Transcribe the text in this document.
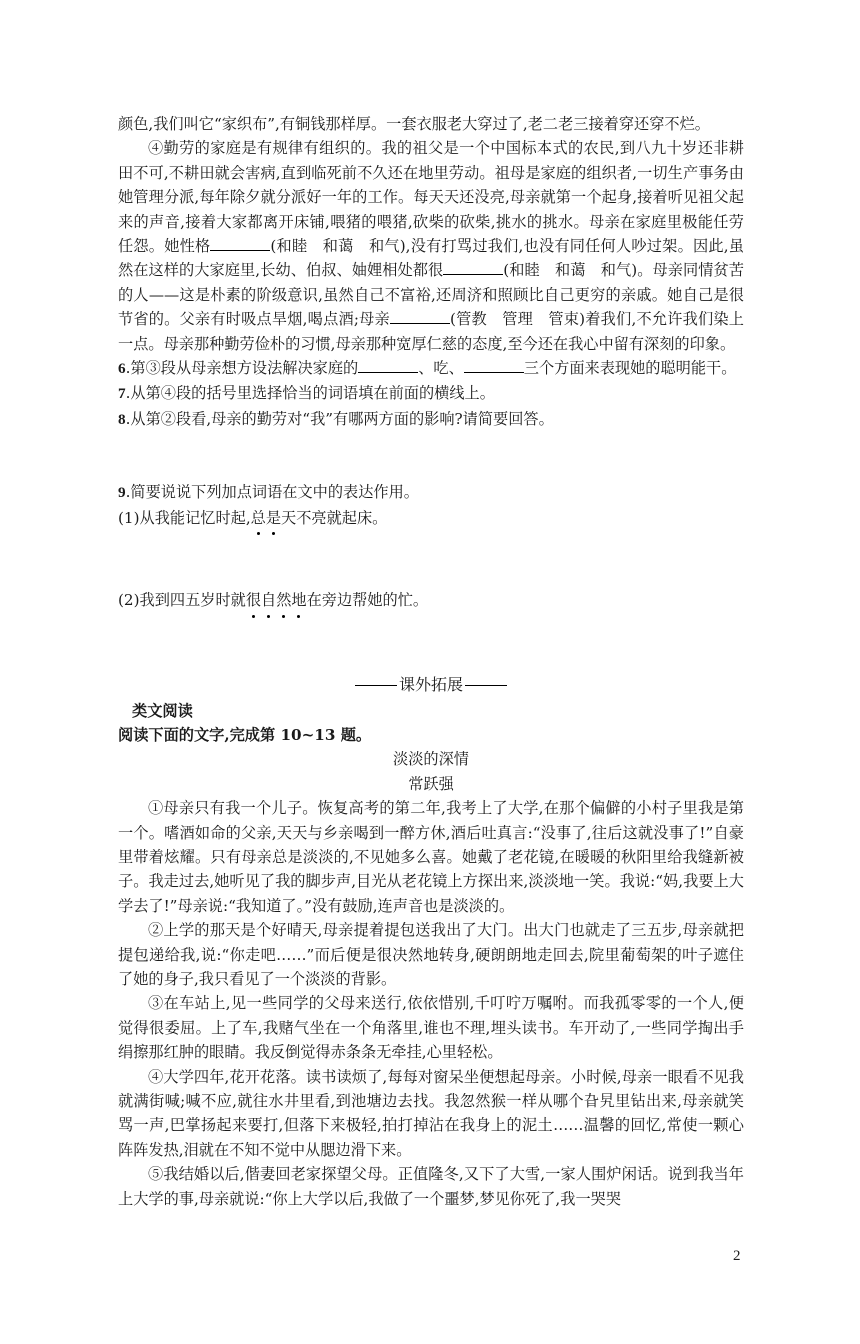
颜色,我们叫它“家织布”,有铜钱那样厚。一套衣服老大穿过了,老二老三接着穿还穿不烂。

④勤劳的家庭是有规律有组织的。我的祖父是一个中国标本式的农民,到八九十岁还非耕田不可,不耕田就会害病,直到临死前不久还在地里劳动。祖母是家庭的组织者,一切生产事务由她管理分派,每年除夕就分派好一年的工作。每天天还没亮,母亲就第一个起身,接着听见祖父起来的声音,接着大家都离开床铺,喂猪的喂猪,砍柴的砍柴,挑水的挑水。母亲在家庭里极能任劳任怨。她性格	(和睦　和蔼　和气),没有打骂过我们,也没有同任何人吵过架。因此,虽然在这样的大家庭里,长幼、伯叔、妯娌相处都很	(和睦　和蔼　和气)。母亲同情贫苦的人——这是朴素的阶级意识,虽然自己不富裕,还周济和照顾比自己更穷的亲戚。她自己是很节省的。父亲有时吸点旱烟,喝点酒;母亲	(管教　管理　管束)着我们,不允许我们染上一点。母亲那种勤劳俭朴的习惯,母亲那种宽厚仁慈的态度,至今还在我心中留有深刻的印象。

6.第③段从母亲想方设法解决家庭的	、吃、	三个方面来表现她的聪明能干。

7.从第④段的括号里选择恰当的词语填在前面的横线上。

8.从第②段看,母亲的勤劳对“我”有哪两方面的影响?请简要回答。

9.简要说说下列加点词语在文中的表达作用。

(1)从我能记忆时起,总是天不亮就起床。

(2)我到四五岁时就很自然地在旁边帮她的忙。

课外拓展

类文阅读

阅读下面的文字,完成第 10~13 题。

淡淡的深情

常跃强

①母亲只有我一个儿子。恢复高考的第二年,我考上了大学,在那个偏僻的小村子里我是第一个。嗜酒如命的父亲,天天与乡亲喝到一醉方休,酒后吐真言:“没事了,往后这就没事了!”自豪里带着炫耀。只有母亲总是淡淡的,不见她多么喜。她戴了老花镜,在暖暖的秋阳里给我缝新被子。我走过去,她听见了我的脚步声,目光从老花镜上方探出来,淡淡地一笑。我说:“妈,我要上大学去了!”母亲说:“我知道了。”没有鼓励,连声音也是淡淡的。

②上学的那天是个好晴天,母亲提着提包送我出了大门。出大门也就走了三五步,母亲就把提包递给我,说:“你走吧……”而后便是很决然地转身,硬朗朗地走回去,院里葡萄架的叶子遮住了她的身子,我只看见了一个淡淡的背影。

③在车站上,见一些同学的父母来送行,依依惜别,千叮咛万嘱咐。而我孤零零的一个人,便觉得很委屈。上了车,我赌气坐在一个角落里,谁也不理,埋头读书。车开动了,一些同学掏出手绢擦那红肿的眼睛。我反倒觉得赤条条无牵挂,心里轻松。

④大学四年,花开花落。读书读烦了,每每对窗呆坐便想起母亲。小时候,母亲一眼看不见我就满街喊;喊不应,就往水井里看,到池塘边去找。我忽然猴一样从哪个旮旯里钻出来,母亲就笑骂一声,巴掌扬起来要打,但落下来极轻,拍打掉沾在我身上的泥土……温馨的回忆,常使一颗心阵阵发热,泪就在不知不觉中从腮边滑下来。

⑤我结婚以后,偕妻回老家探望父母。正值隆冬,又下了大雪,一家人围炉闲话。说到我当年上大学的事,母亲就说:“你上大学以后,我做了一个噩梦,梦见你死了,我一哭哭

2
